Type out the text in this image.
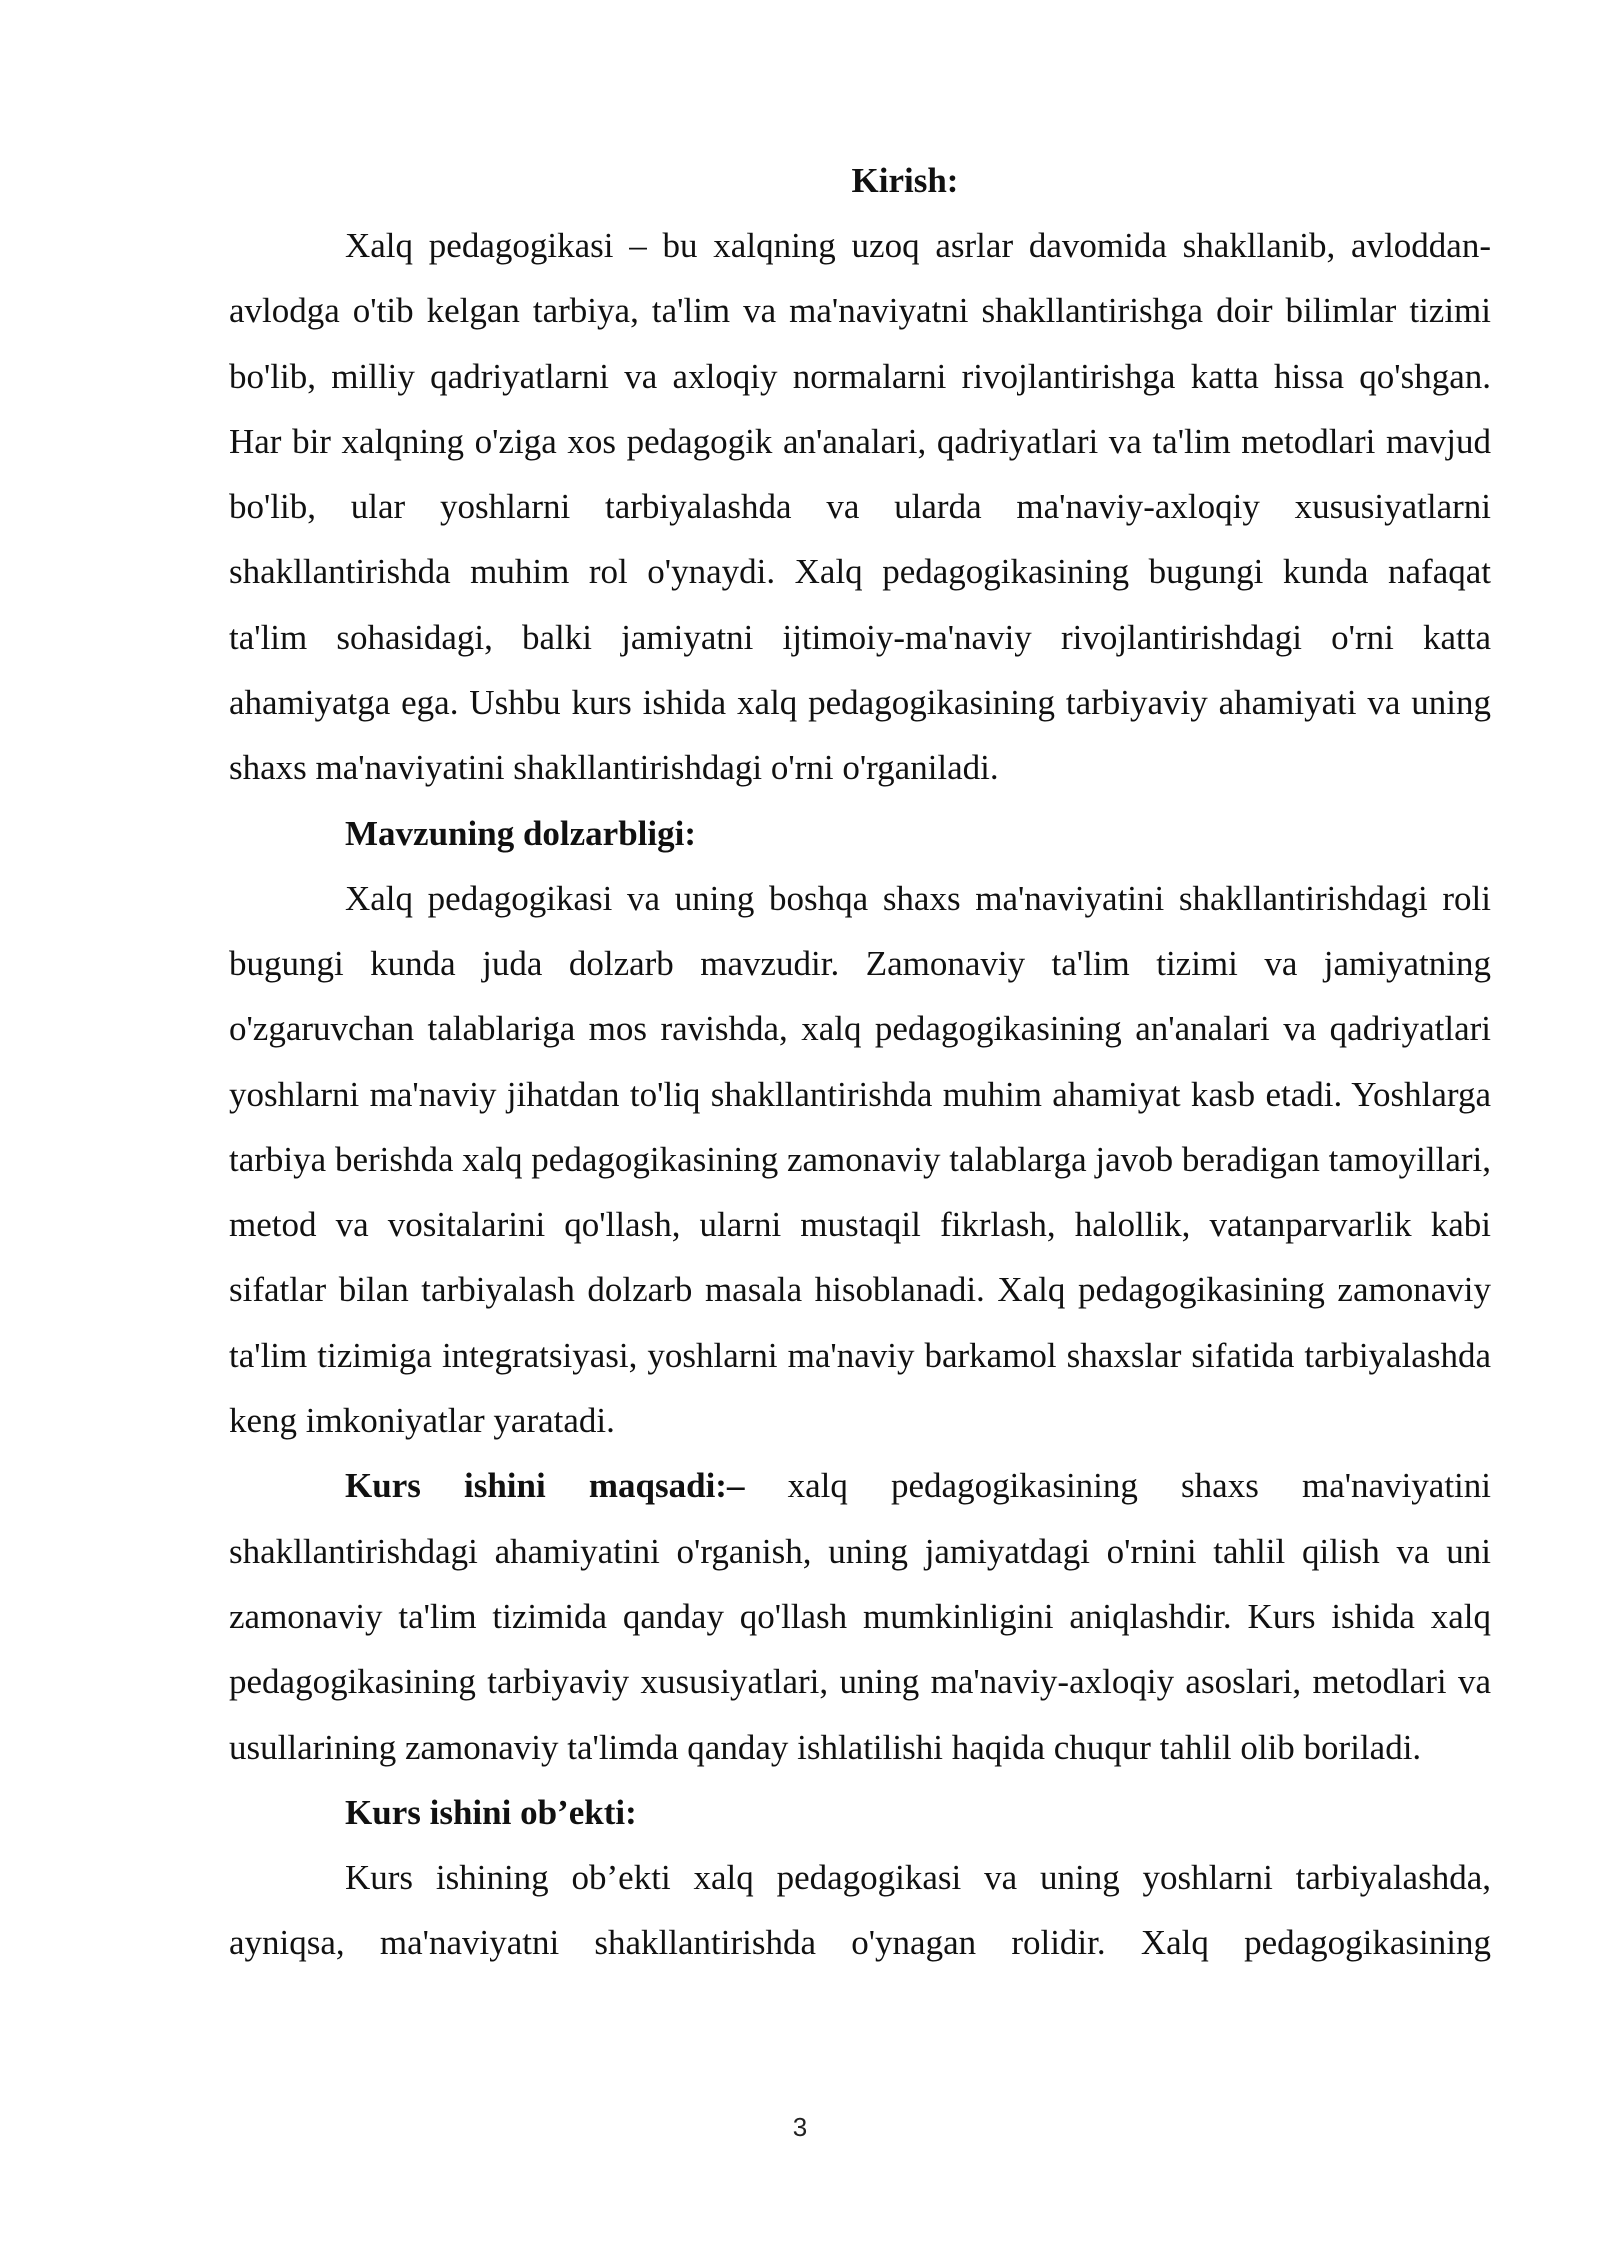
Kirish:

Xalq pedagogikasi – bu xalqning uzoq asrlar davomida shakllanib, avloddan-avlodga o'tib kelgan tarbiya, ta'lim va ma'naviyatni shakllantirishga doir bilimlar tizimi bo'lib, milliy qadriyatlarni va axloqiy normalarni rivojlantirishga katta hissa qo'shgan. Har bir xalqning o'ziga xos pedagogik an'analari, qadriyatlari va ta'lim metodlari mavjud bo'lib, ular yoshlarni tarbiyalashda va ularda ma'naviy-axloqiy xususiyatlarni shakllantirishda muhim rol o'ynaydi. Xalq pedagogikasining bugungi kunda nafaqat ta'lim sohasidagi, balki jamiyatni ijtimoiy-ma'naviy rivojlantirishdagi o'rni katta ahamiyatga ega. Ushbu kurs ishida xalq pedagogikasining tarbiyaviy ahamiyati va uning shaxs ma'naviyatini shakllantirishdagi o'rni o'rganiladi.

Mavzuning dolzarbligi:

Xalq pedagogikasi va uning boshqa shaxs ma'naviyatini shakllantirishdagi roli bugungi kunda juda dolzarb mavzudir. Zamonaviy ta'lim tizimi va jamiyatning o'zgaruvchan talablariga mos ravishda, xalq pedagogikasining an'analari va qadriyatlari yoshlarni ma'naviy jihatdan to'liq shakllantirishda muhim ahamiyat kasb etadi. Yoshlarga tarbiya berishda xalq pedagogikasining zamonaviy talablarga javob beradigan tamoyillari, metod va vositalarini qo'llash, ularni mustaqil fikrlash, halollik, vatanparvarlik kabi sifatlar bilan tarbiyalash dolzarb masala hisoblanadi. Xalq pedagogikasining zamonaviy ta'lim tizimiga integratsiyasi, yoshlarni ma'naviy barkamol shaxslar sifatida tarbiyalashda keng imkoniyatlar yaratadi.

Kurs ishini maqsadi:– xalq pedagogikasining shaxs ma'naviyatini shakllantirishdagi ahamiyatini o'rganish, uning jamiyatdagi o'rnini tahlil qilish va uni zamonaviy ta'lim tizimida qanday qo'llash mumkinligini aniqlashdir. Kurs ishida xalq pedagogikasining tarbiyaviy xususiyatlari, uning ma'naviy-axloqiy asoslari, metodlari va usullarining zamonaviy ta'limda qanday ishlatilishi haqida chuqur tahlil olib boriladi.

Kurs ishini ob’ekti:

Kurs ishining ob’ekti xalq pedagogikasi va uning yoshlarni tarbiyalashda, ayniqsa, ma'naviyatni shakllantirishda o'ynagan rolidir. Xalq pedagogikasining

3
